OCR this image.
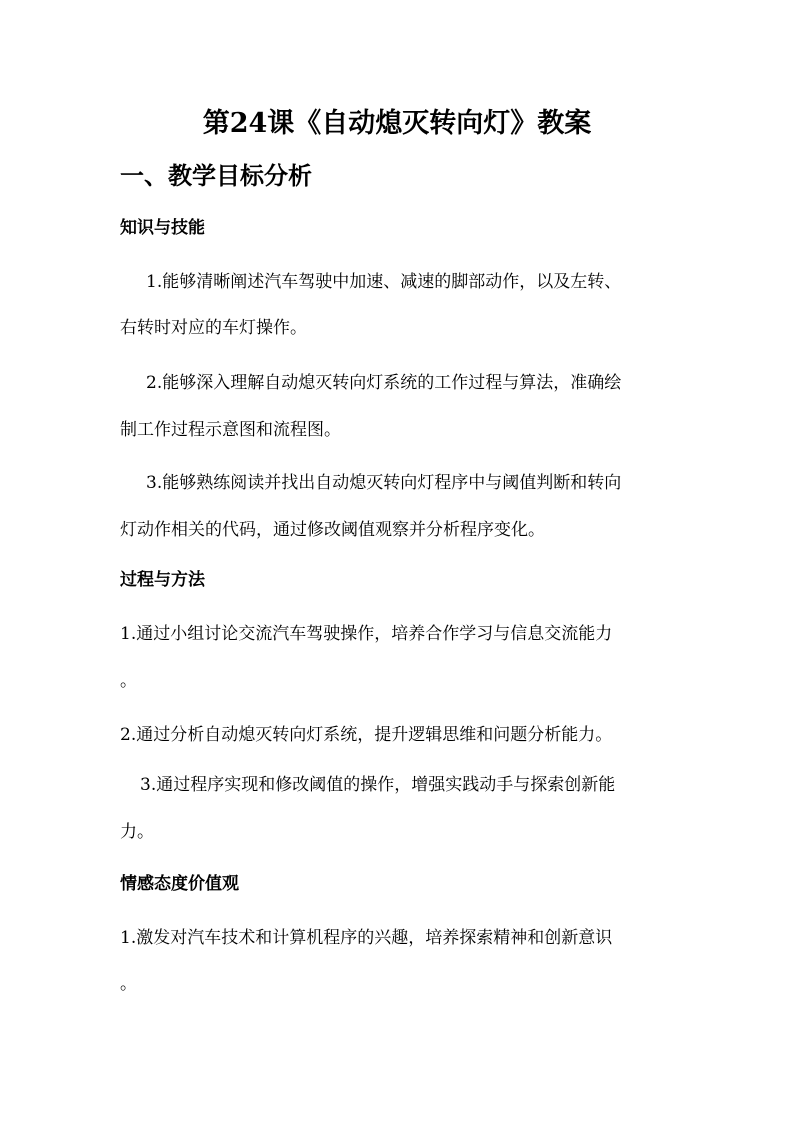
第24课《自动熄灭转向灯》教案
一、教学目标分析
知识与技能
1.能够清晰阐述汽车驾驶中加速、减速的脚部动作，以及左转、
右转时对应的车灯操作。
2.能够深入理解自动熄灭转向灯系统的工作过程与算法，准确绘
制工作过程示意图和流程图。
3.能够熟练阅读并找出自动熄灭转向灯程序中与阈值判断和转向
灯动作相关的代码，通过修改阈值观察并分析程序变化。
过程与方法
1.通过小组讨论交流汽车驾驶操作，培养合作学习与信息交流能力
。
2.通过分析自动熄灭转向灯系统，提升逻辑思维和问题分析能力。
3.通过程序实现和修改阈值的操作，增强实践动手与探索创新能
力。
情感态度价值观
1.激发对汽车技术和计算机程序的兴趣，培养探索精神和创新意识
。
